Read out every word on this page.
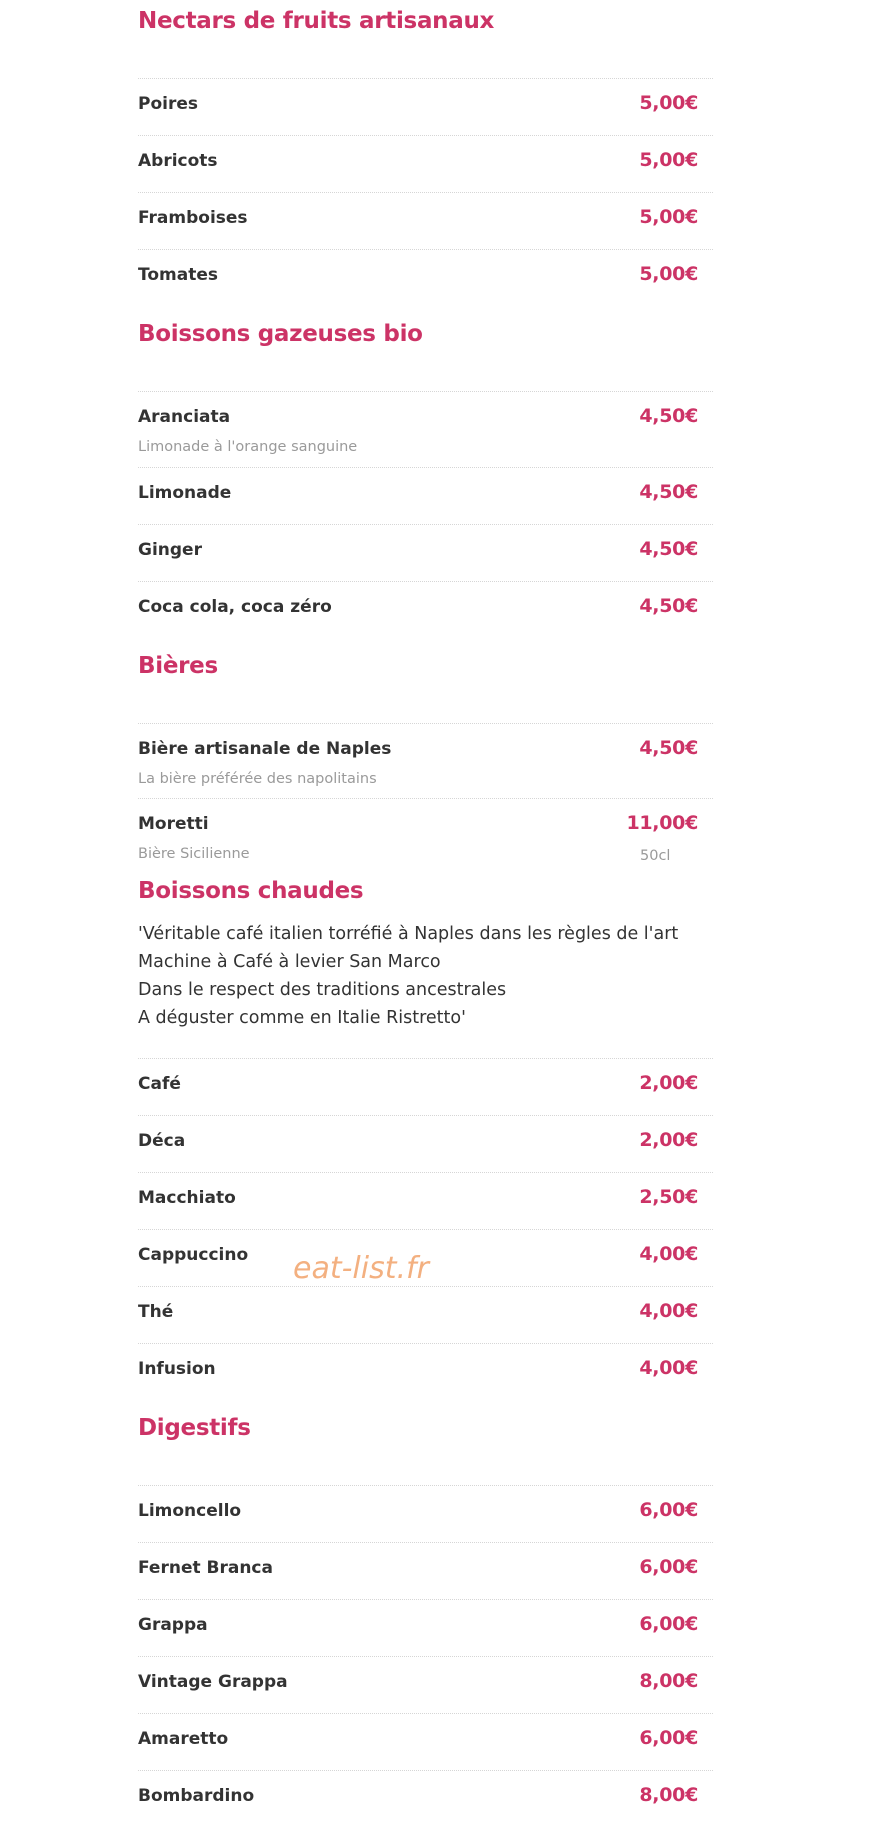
Nectars de fruits artisanaux
Poires	5,00€
Abricots	5,00€
Framboises	5,00€
Tomates	5,00€
Boissons gazeuses bio
Aranciata	4,50€
Limonade à l'orange sanguine
Limonade	4,50€
Ginger	4,50€
Coca cola, coca zéro	4,50€
Bières
Bière artisanale de Naples	4,50€
La bière préférée des napolitains
Moretti	11,00€
Bière Sicilienne	50cl
Boissons chaudes
'Véritable café italien torréfié à Naples dans les règles de l'art
Machine à Café à levier San Marco
Dans le respect des traditions ancestrales
A déguster comme en Italie Ristretto'
Café	2,00€
Déca	2,00€
Macchiato	2,50€
Cappuccino	4,00€
Thé	4,00€
Infusion	4,00€
Digestifs
Limoncello	6,00€
Fernet Branca	6,00€
Grappa	6,00€
Vintage Grappa	8,00€
Amaretto	6,00€
Bombardino	8,00€
eat-list.fr
